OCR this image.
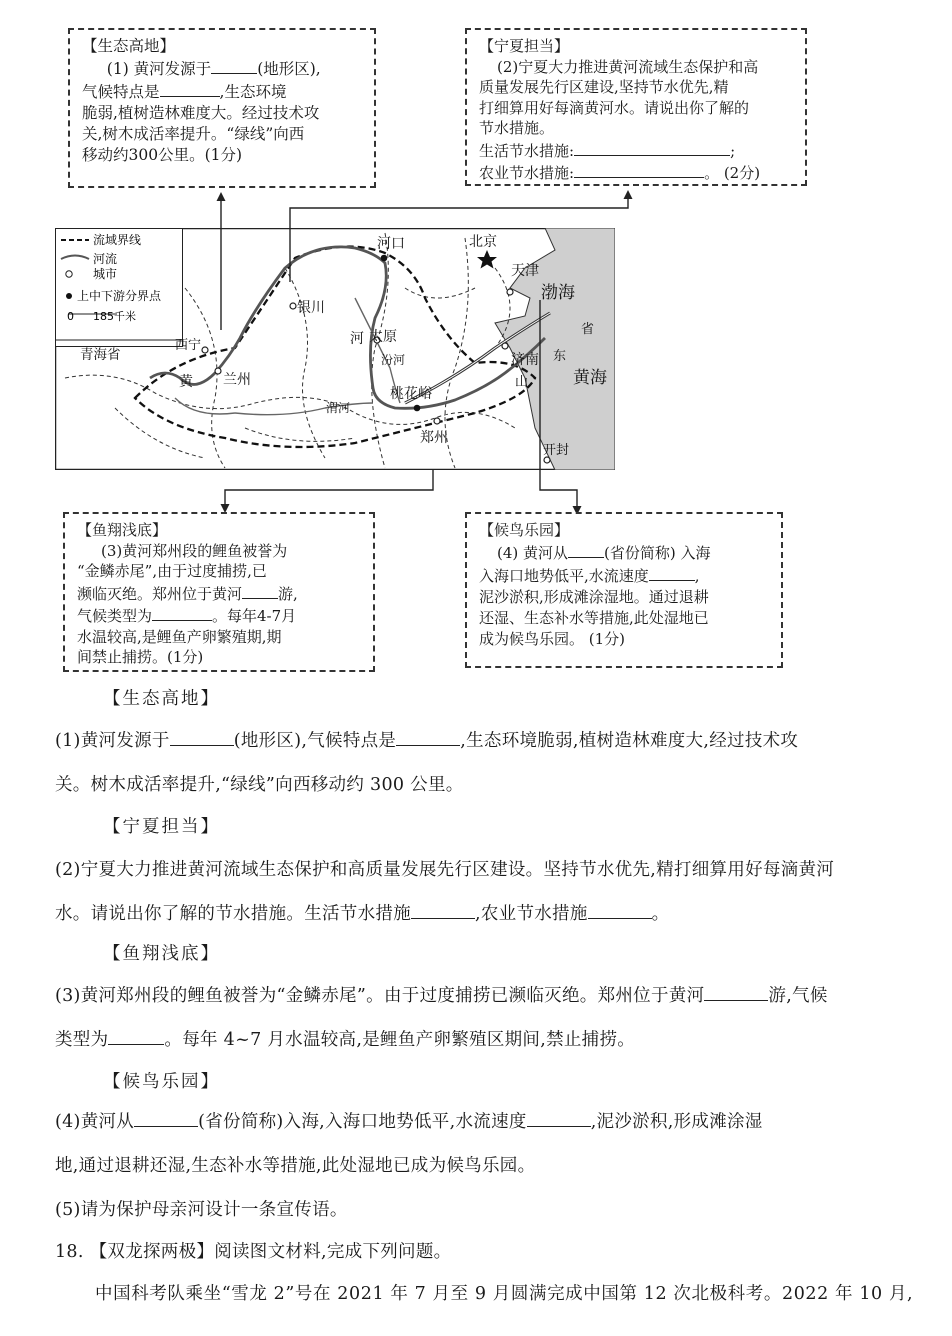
【生态高地】
(1) 黄河发源于	(地形区),
气候特点是	,生态环境
脆弱,植树造林难度大。经过技术攻
关,树木成活率提升。“绿线”向西
移动约300公里。(1分)
【宁夏担当】
(2)宁夏大力推进黄河流域生态保护和高
质量发展先行区建设,坚持节水优先,精
打细算用好每滴黄河水。请说出你了解的
节水措施。
生活节水措施:	;
农业节水措施:	。 (2分)
流域界线
河流
城市
上中下游分界点
0 185千米
河口	北京
天津
渤海
银川
河 太原
汾河	济南 东
山
省
黄海
青海省
西宁
黄 兰州
渭河
桃花峪
郑州
开封
【鱼翔浅底】
(3)黄河郑州段的鲤鱼被誉为
“金鳞赤尾”,由于过度捕捞,已
濒临灭绝。郑州位于黄河 游,
气候类型为	。每年4-7月
水温较高,是鲤鱼产卵繁殖期,期
间禁止捕捞。(1分)
【候鸟乐园】
(4) 黄河从 (省份简称) 入海
入海口地势低平,水流速度	,
泥沙淤积,形成滩涂湿地。通过退耕
还湿、生态补水等措施,此处湿地已
成为候鸟乐园。 (1分)
【生态高地】
(1)黄河发源于	(地形区),气候特点是	,生态环境脆弱,植树造林难度大,经过技术攻
关。树木成活率提升,“绿线”向西移动约 300 公里。
【宁夏担当】
(2)宁夏大力推进黄河流域生态保护和高质量发展先行区建设。坚持节水优先,精打细算用好每滴黄河
水。请说出你了解的节水措施。生活节水措施	,农业节水措施	。
【鱼翔浅底】
(3)黄河郑州段的鲤鱼被誉为“金鳞赤尾”。由于过度捕捞已濒临灭绝。郑州位于黄河	游,气候
类型为	。每年 4~7 月水温较高,是鲤鱼产卵繁殖区期间,禁止捕捞。
【候鸟乐园】
(4)黄河从	(省份简称)入海,入海口地势低平,水流速度	,泥沙淤积,形成滩涂湿
地,通过退耕还湿,生态补水等措施,此处湿地已成为候鸟乐园。
(5)请为保护母亲河设计一条宣传语。
18. 【双龙探两极】阅读图文材料,完成下列问题。
中国科考队乘坐“雪龙 2”号在 2021 年 7 月至 9 月圆满完成中国第 12 次北极科考。2022 年 10 月,
